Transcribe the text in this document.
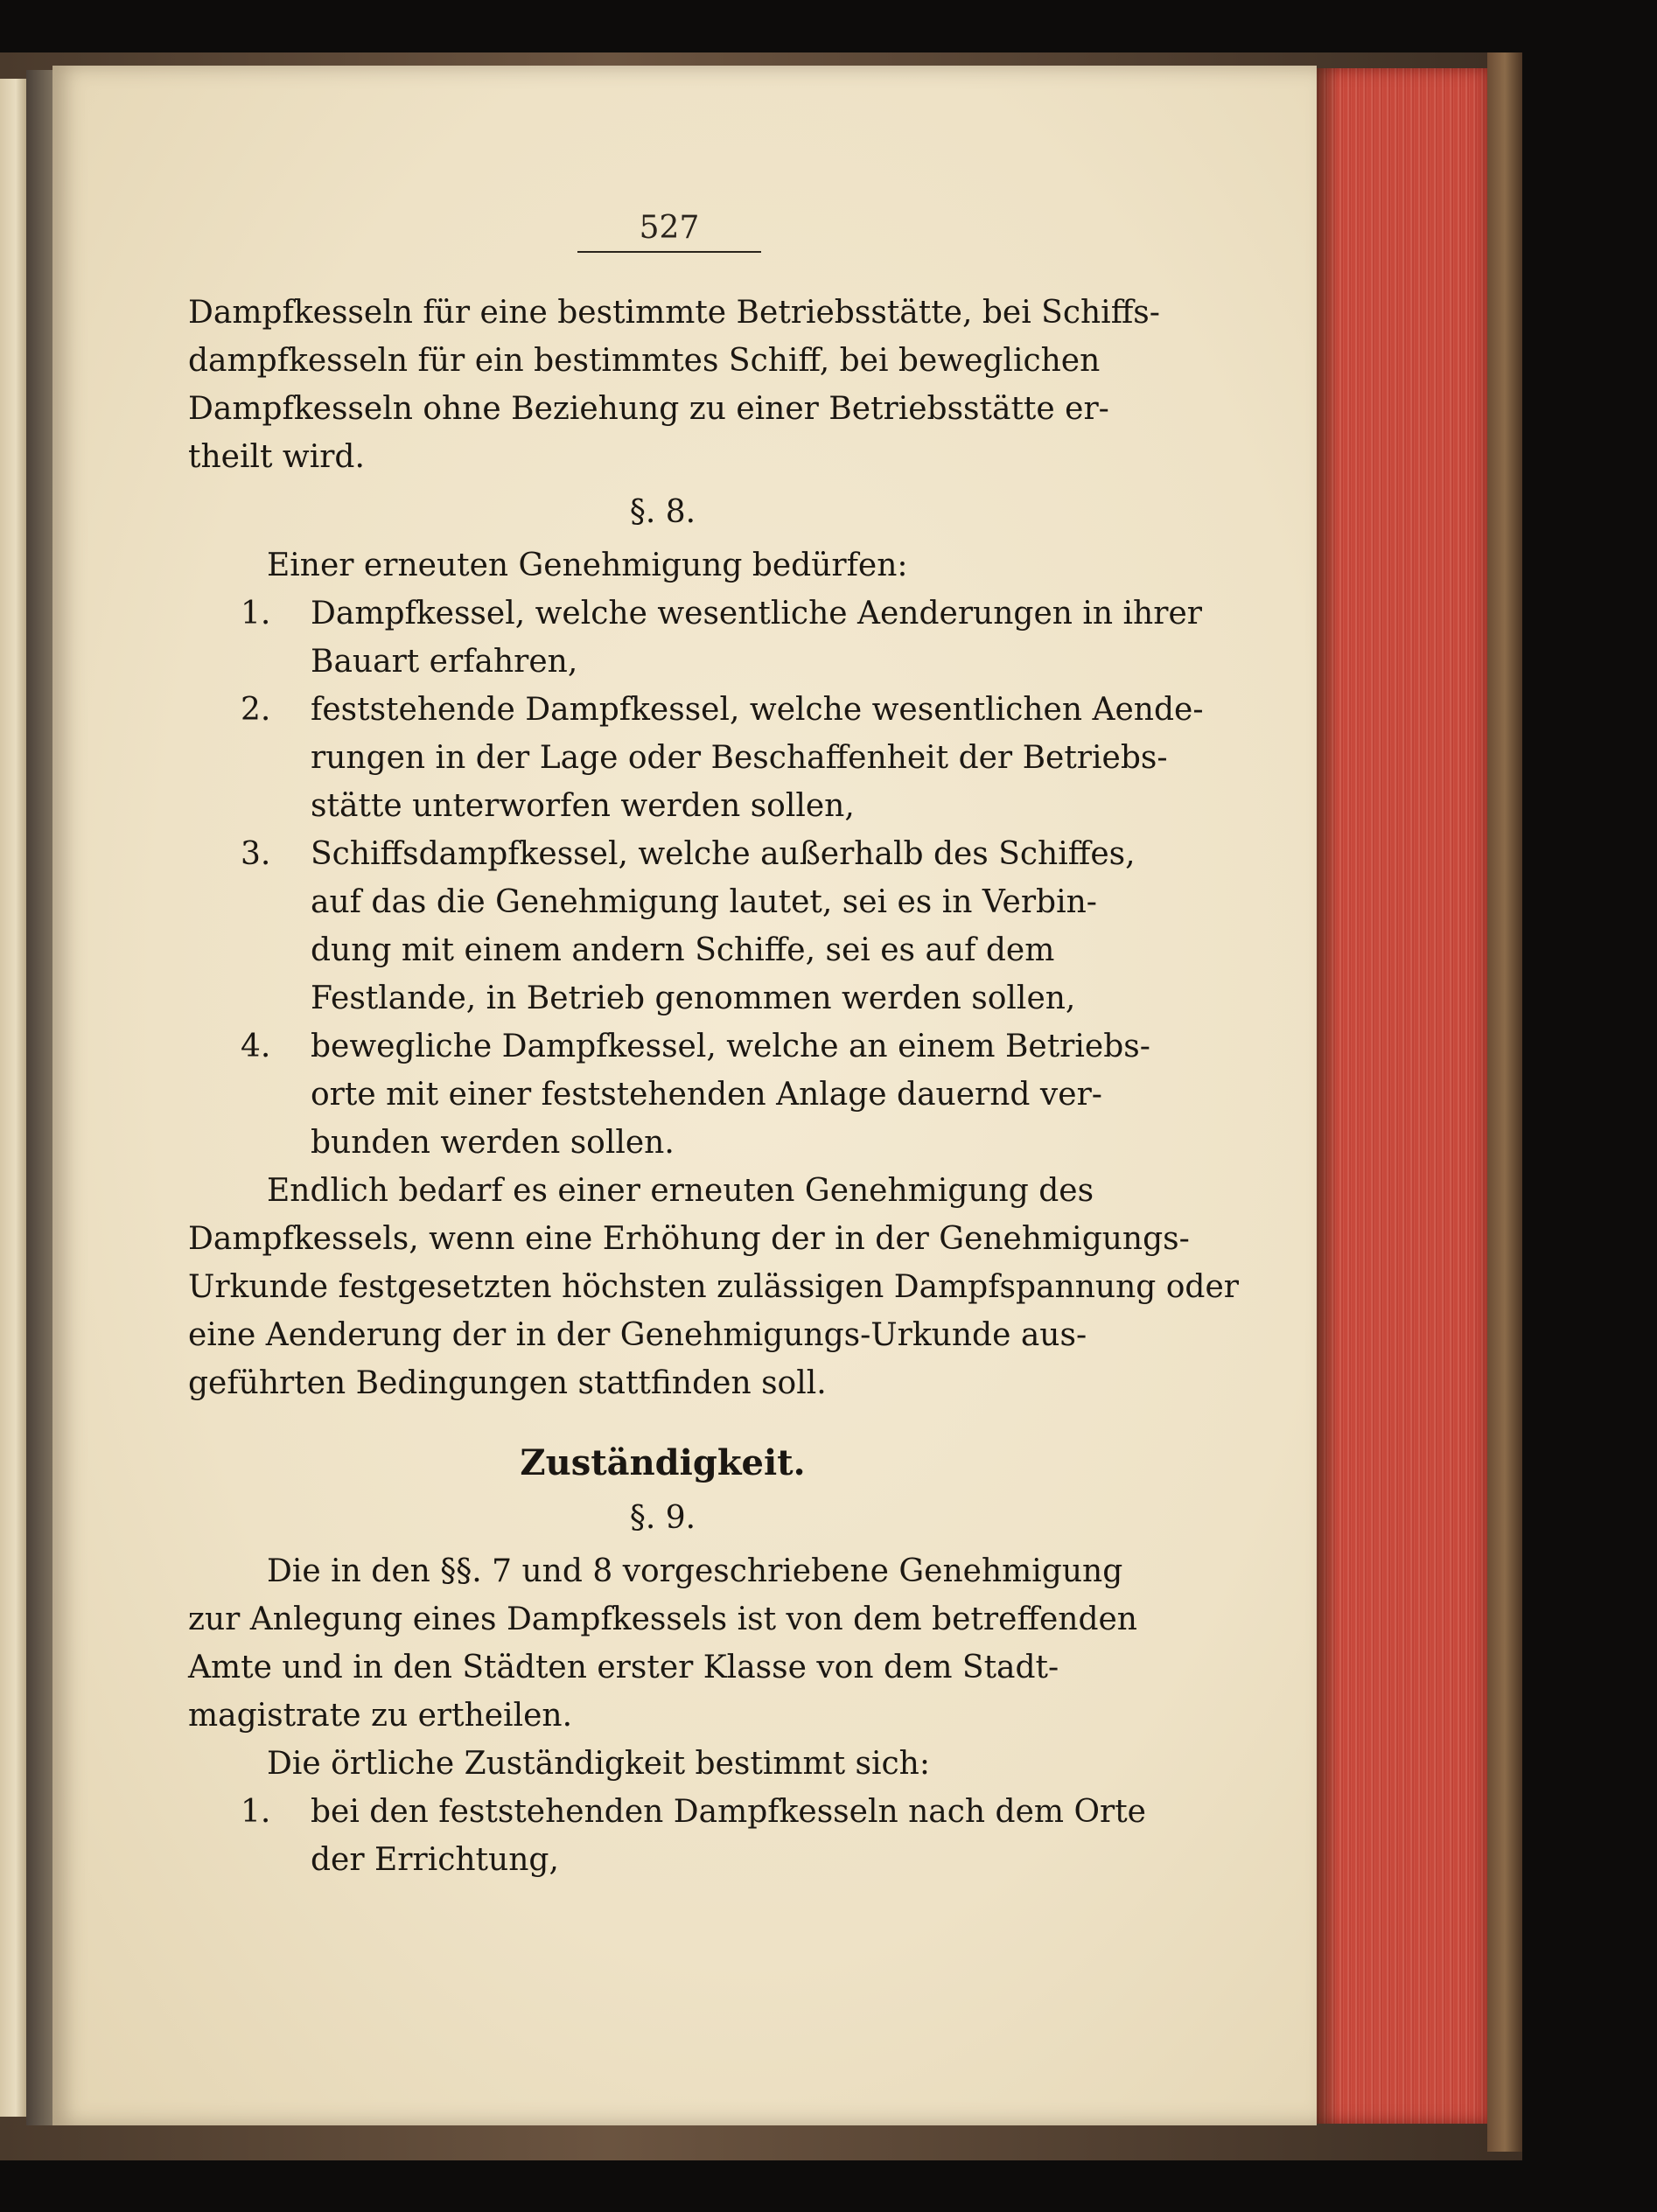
527
Dampfkesseln für eine bestimmte Betriebsstätte, bei Schiffs-
dampfkesseln für ein bestimmtes Schiff, bei beweglichen
Dampfkesseln ohne Beziehung zu einer Betriebsstätte er-
theilt wird.
§. 8.
Einer erneuten Genehmigung bedürfen:
1.	Dampfkessel, welche wesentliche Aenderungen in ihrer
Bauart erfahren,
2.	feststehende Dampfkessel, welche wesentlichen Aende-
rungen in der Lage oder Beschaffenheit der Betriebs-
stätte unterworfen werden sollen,
3.	Schiffsdampfkessel, welche außerhalb des Schiffes,
auf das die Genehmigung lautet, sei es in Verbin-
dung mit einem andern Schiffe, sei es auf dem
Festlande, in Betrieb genommen werden sollen,
4.	bewegliche Dampfkessel, welche an einem Betriebs-
orte mit einer feststehenden Anlage dauernd ver-
bunden werden sollen.
Endlich bedarf es einer erneuten Genehmigung des
Dampfkessels, wenn eine Erhöhung der in der Genehmigungs-
Urkunde festgesetzten höchsten zulässigen Dampfspannung oder
eine Aenderung der in der Genehmigungs-Urkunde aus-
geführten Bedingungen stattfinden soll.
Zuständigkeit.
§. 9.
Die in den §§. 7 und 8 vorgeschriebene Genehmigung
zur Anlegung eines Dampfkessels ist von dem betreffenden
Amte und in den Städten erster Klasse von dem Stadt-
magistrate zu ertheilen.
Die örtliche Zuständigkeit bestimmt sich:
1.	bei den feststehenden Dampfkesseln nach dem Orte
der Errichtung,
